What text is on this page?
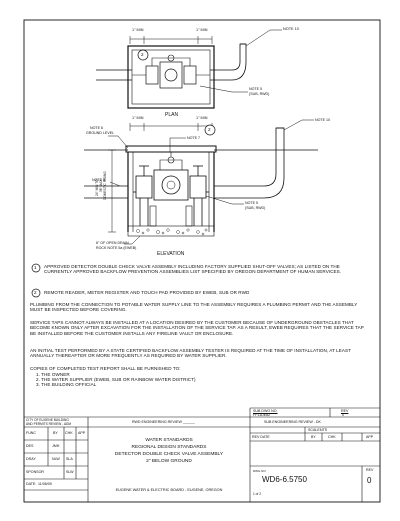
1" MIN	1" MIN	NOTE 10
NOTE 5
(SUB, RWD)
PLAN
2
1" MIN	1" MIN
2
NOTE 6
GROUND LEVEL
NOTE 7
NOTE 10
NOTE 8
24" MIN TO 36" MAX DOMESTIC RISING
NOTE 5
(SUB, RWD)
6" OF OPEN DRAIN
ROCK NOTE 5a (EWEB)
ELEVATION
1 APPROVED DETECTOR DOUBLE CHECK VALVE ASSEMBLY INCLUDING FACTORY SUPPLIED SHUT-OFF VALVES; AS LISTED ON THE CURRENTLY APPROVED BACKFLOW PREVENTION ASSEMBLIES LIST SPECIFIED BY OREGON DEPARTMENT OF HUMAN SERVICES.
2 REMOTE READER, METER REGISTER AND TOUCH PAD PROVIDED BY EWEB, SUB OR RWD
PLUMBING FROM THE CONNECTION TO POTABLE WATER SUPPLY LINE TO THE ASSEMBLY REQUIRES A PLUMBING PERMIT AND THE ASSEMBLY MUST BE INSPECTED BEFORE COVERING.
SERVICE TAPS CANNOT ALWAYS BE INSTALLED AT A LOCATION DESIRED BY THE CUSTOMER BECAUSE OF UNDERGROUND OBSTACLES THAT BECOME KNOWN ONLY AFTER EXCAVATION FOR THE INSTALLATION OF THE SERVICE TAP. AS A RESULT, EWEB REQUIRES THAT THE SERVICE TAP BE INSTALLED BEFORE THE CUSTOMER INSTALLS ANY FIRELINE VAULT OR ENCLOSURE.
AN INITIAL TEST PERFORMED BY A STATE CERTIFIED BACKFLOW ASSEMBLY TESTER IS REQUIRED AT THE TIME OF INSTALLATION, AT LEAST ANNUALLY THEREAFTER OR MORE FREQUENTLY AS REQUIRED BY WATER SUPPLIER.
COPIES OF COMPLETED TEST REPORT SHALL BE FURNISHED TO:
1. THE OWNER
2. THE WATER SUPPLIER (EWEB, SUB OR RAINBOW WATER DISTRICT)
3. THE BUILDING OFFICIAL
SUB DWG NO.
FF11DE82
REV
0
CITY OF EUGENE BUILDING
AND PERMITS REVIEW - ADM	RWD ENGINEERING REVIEW ______	SUB ENGINEERING REVIEW - DK
FUNC	BY CHK APP
DES	JMH
DRAY	NLW SLA
SPONSOR	SLW
DATE: 11/06/09
WATER STANDARDS
REGIONAL DESIGN STANDARDS
DETECTOR DOUBLE CHECK VALVE ASSEMBLY
2" BELOW GROUND
EUGENE WATER & ELECTRIC BOARD - EUGENE, OREGON
SCALE: NTS
REV DATE	BY	CHK	APP
DWG NO
WD6-6.5750
1 of 2
REV
0
